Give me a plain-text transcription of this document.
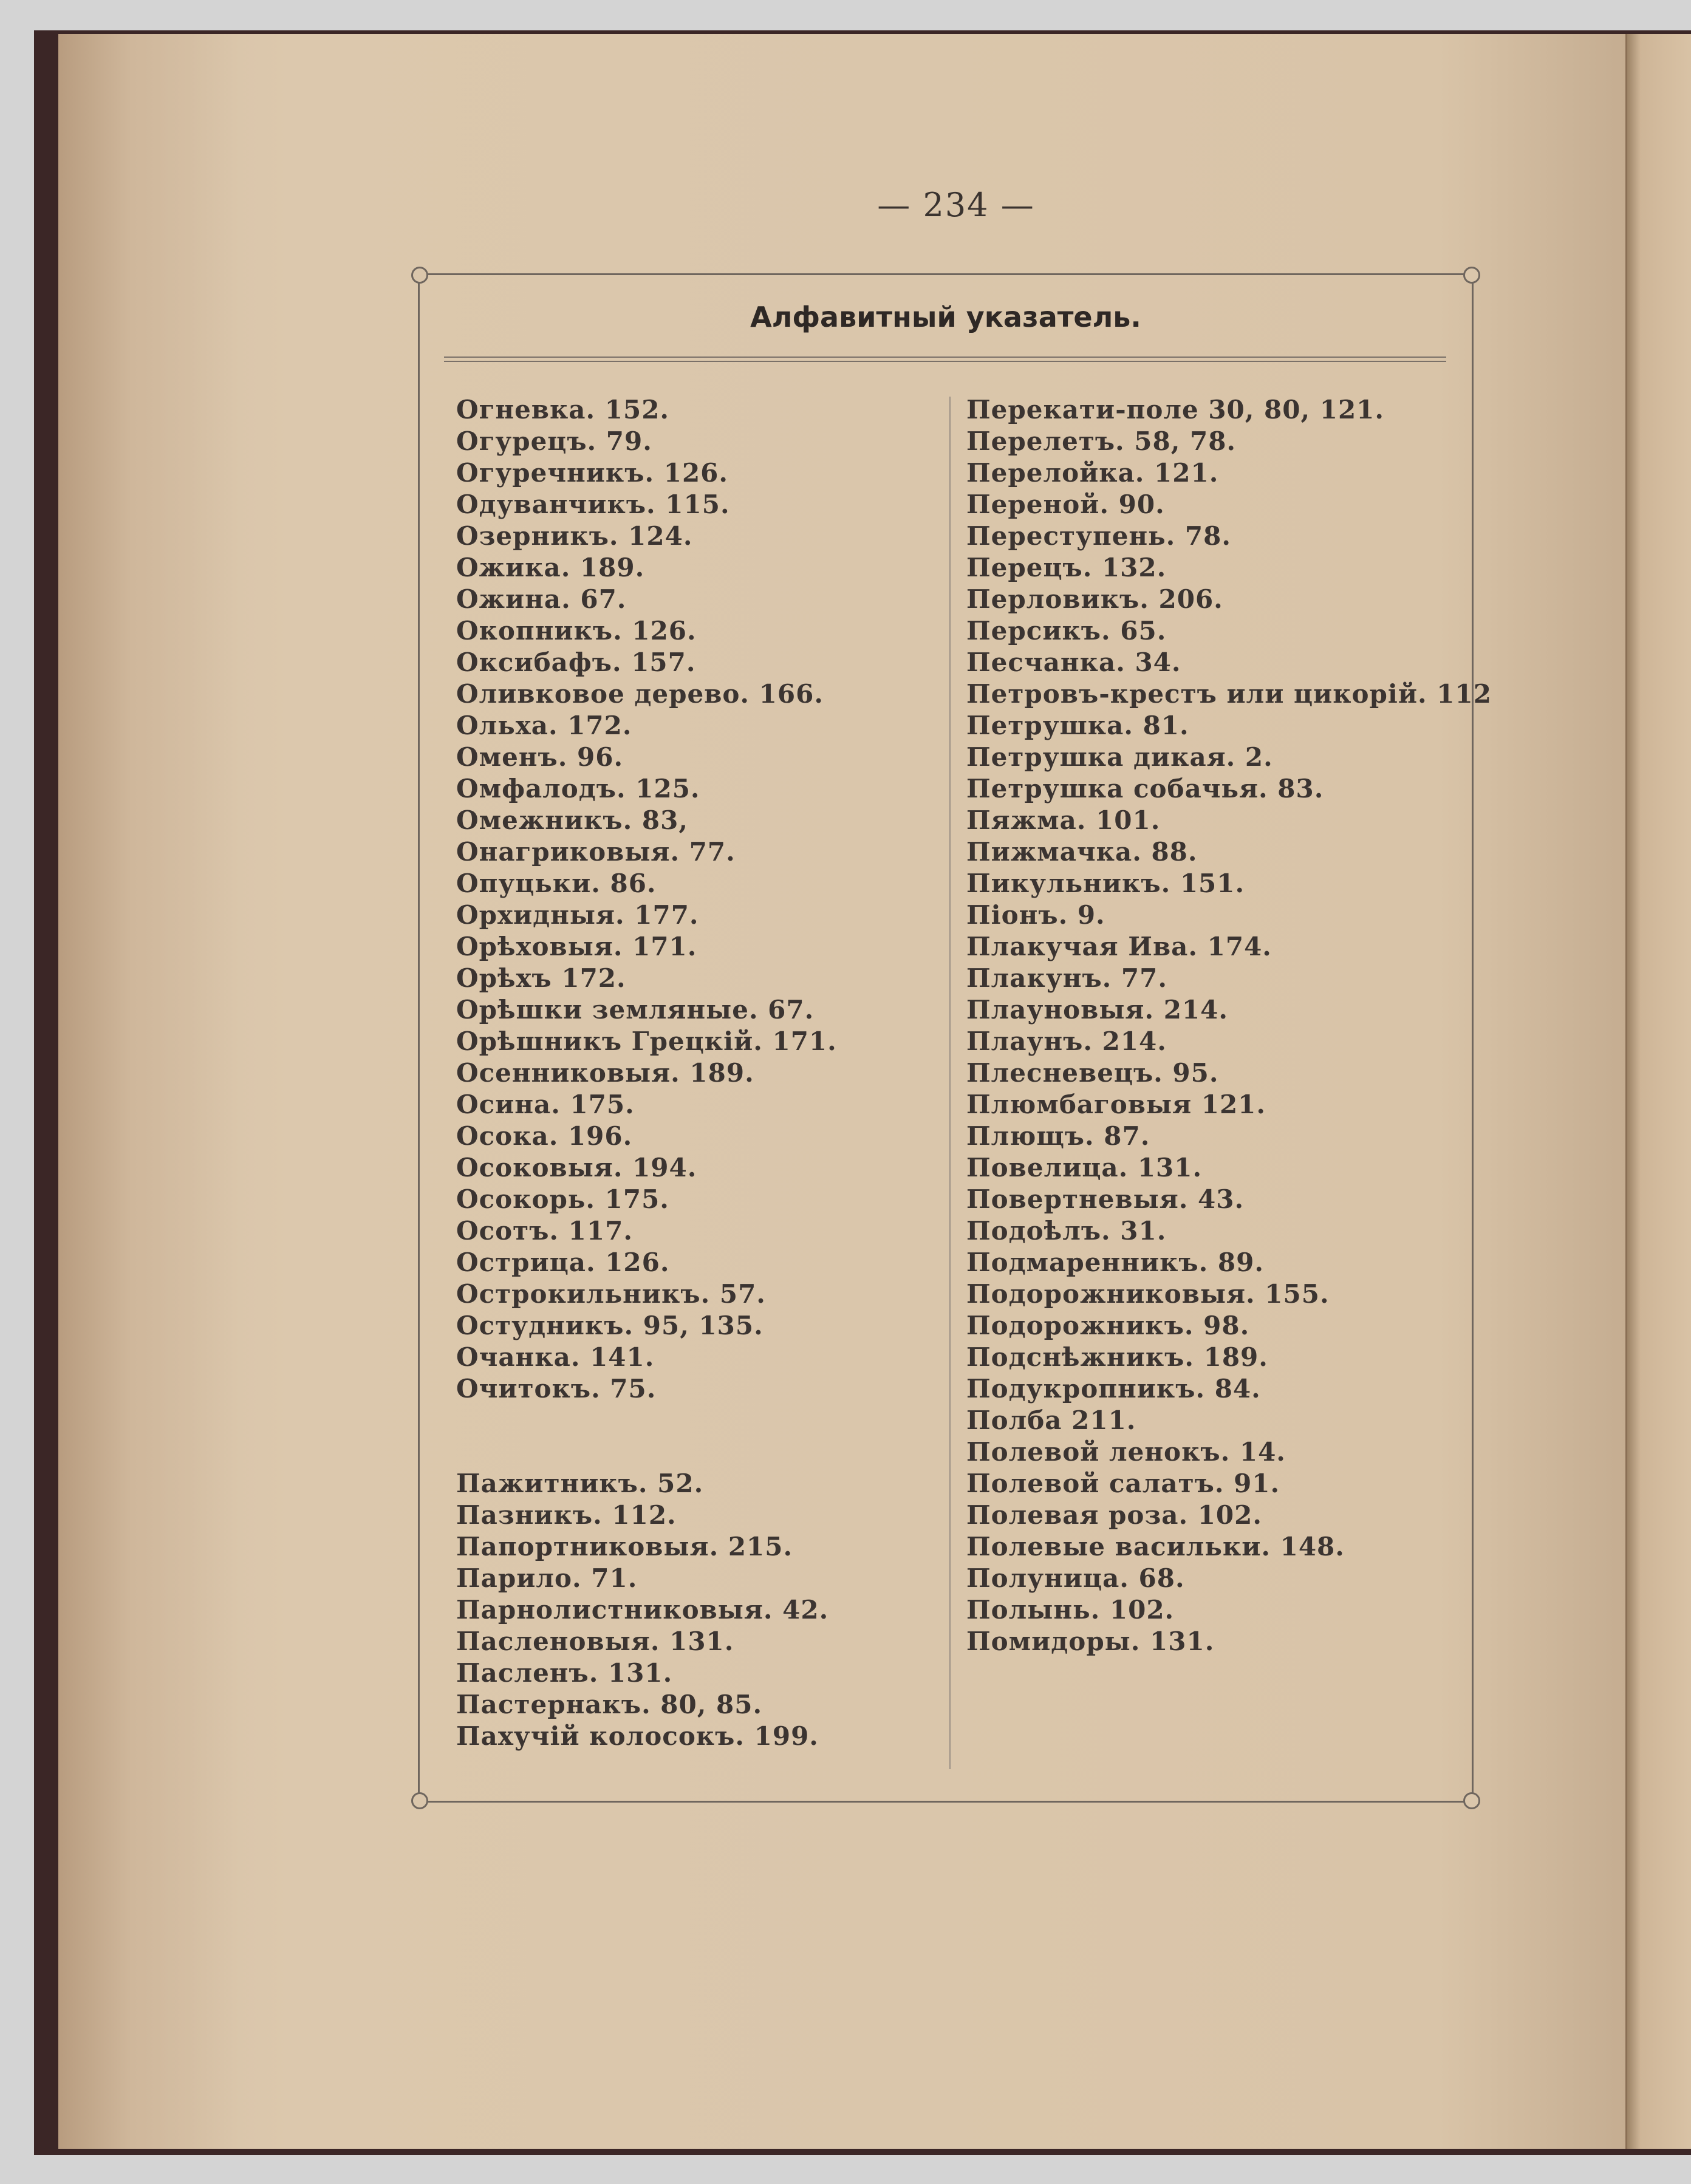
— 234 —
Алфавитный указатель.
Огневка. 152.
Огурецъ. 79.
Огуречникъ. 126.
Одуванчикъ. 115.
Озерникъ. 124.
Ожика. 189.
Ожина. 67.
Окопникъ. 126.
Оксибафъ. 157.
Оливковое дерево. 166.
Ольха. 172.
Оменъ. 96.
Омфалодъ. 125.
Омежникъ. 83,
Онагриковыя. 77.
Опуцьки. 86.
Орхидныя. 177.
Орѣховыя. 171.
Орѣхъ 172.
Орѣшки земляные. 67.
Орѣшникъ Грецкій. 171.
Осенниковыя. 189.
Осина. 175.
Осока. 196.
Осоковыя. 194.
Осокорь. 175.
Осотъ. 117.
Острица. 126.
Острокильникъ. 57.
Остудникъ. 95, 135.
Очанка. 141.
Очитокъ. 75.
Пажитникъ. 52.
Пазникъ. 112.
Папортниковыя. 215.
Парило. 71.
Парнолистниковыя. 42.
Пасленовыя. 131.
Пасленъ. 131.
Пастернакъ. 80, 85.
Пахучій колосокъ. 199.
Перекати-поле 30, 80, 121.
Перелетъ. 58, 78.
Перелойка. 121.
Переной. 90.
Переступень. 78.
Перецъ. 132.
Перловикъ. 206.
Персикъ. 65.
Песчанка. 34.
Петровъ-крестъ или цикорій. 112
Петрушка. 81.
Петрушка дикая. 2.
Петрушка собачья. 83.
Пяжма. 101.
Пижмачка. 88.
Пикульникъ. 151.
Піонъ. 9.
Плакучая Ива. 174.
Плакунъ. 77.
Плауновыя. 214.
Плаунъ. 214.
Плесневецъ. 95.
Плюмбаговыя 121.
Плющъ. 87.
Повелица. 131.
Повертневыя. 43.
Подоѣлъ. 31.
Подмаренникъ. 89.
Подорожниковыя. 155.
Подорожникъ. 98.
Подснѣжникъ. 189.
Подукропникъ. 84.
Полба 211.
Полевой ленокъ. 14.
Полевой салатъ. 91.
Полевая роза. 102.
Полевые васильки. 148.
Полуница. 68.
Полынь. 102.
Помидоры. 131.
